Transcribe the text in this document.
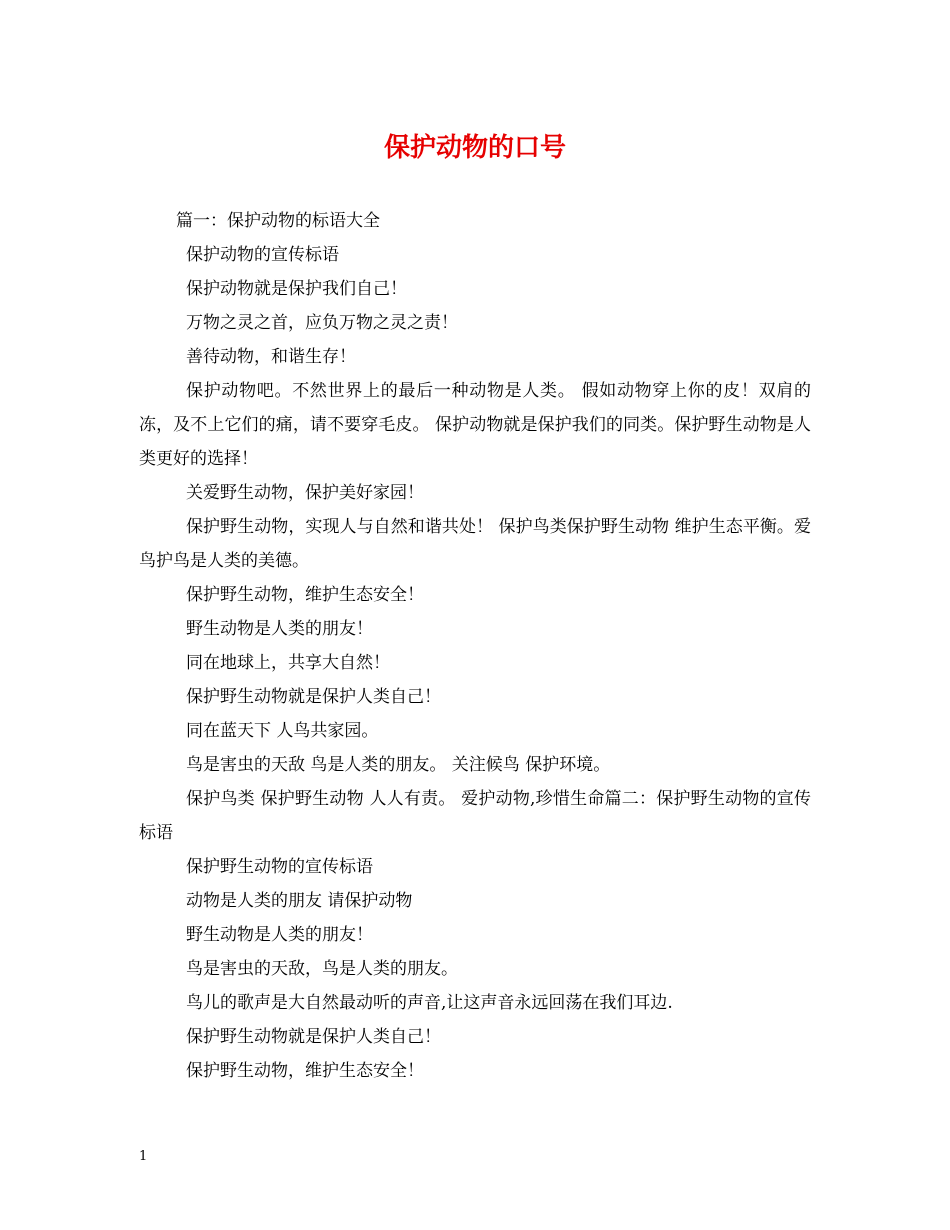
保护动物的口号

篇一：保护动物的标语大全

保护动物的宣传标语

保护动物就是保护我们自己！

万物之灵之首，应负万物之灵之责！

善待动物，和谐生存！

保护动物吧。不然世界上的最后一种动物是人类。 假如动物穿上你的皮！双肩的冻，及不上它们的痛，请不要穿毛皮。 保护动物就是保护我们的同类。保护野生动物是人类更好的选择！

关爱野生动物，保护美好家园！

保护野生动物，实现人与自然和谐共处！ 保护鸟类保护野生动物 维护生态平衡。爱鸟护鸟是人类的美德。

保护野生动物，维护生态安全！

野生动物是人类的朋友！

同在地球上，共享大自然！

保护野生动物就是保护人类自己！

同在蓝天下 人鸟共家园。

鸟是害虫的天敌 鸟是人类的朋友。 关注候鸟 保护环境。

保护鸟类 保护野生动物 人人有责。 爱护动物,珍惜生命篇二：保护野生动物的宣传标语

保护野生动物的宣传标语

动物是人类的朋友 请保护动物

野生动物是人类的朋友！

鸟是害虫的天敌，鸟是人类的朋友。

鸟儿的歌声是大自然最动听的声音,让这声音永远回荡在我们耳边.

保护野生动物就是保护人类自己！

保护野生动物，维护生态安全！

1
